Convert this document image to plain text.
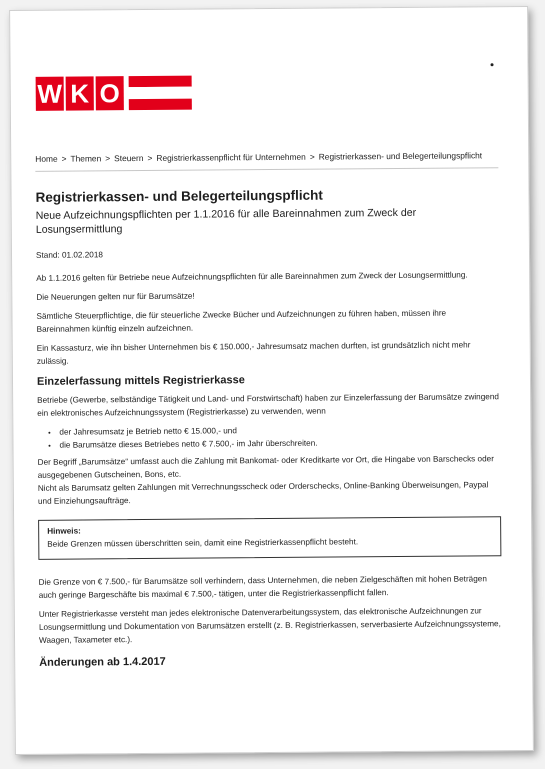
W K O
Home > Themen > Steuern > Registrierkassenpflicht für Unternehmen > Registrierkassen- und Belegerteilungspflicht
Registrierkassen- und Belegerteilungspflicht
Neue Aufzeichnungspflichten per 1.1.2016 für alle Bareinnahmen zum Zweck der Losungsermittlung
Stand: 01.02.2018

Ab 1.1.2016 gelten für Betriebe neue Aufzeichnungspflichten für alle Bareinnahmen zum Zweck der Losungsermittlung.

Die Neuerungen gelten nur für Barumsätze!

Sämtliche Steuerpflichtige, die für steuerliche Zwecke Bücher und Aufzeichnungen zu führen haben, müssen ihre Bareinnahmen künftig einzeln aufzeichnen.

Ein Kassasturz, wie ihn bisher Unternehmen bis € 150.000,- Jahresumsatz machen durften, ist grundsätzlich nicht mehr zulässig.

Einzelerfassung mittels Registrierkasse

Betriebe (Gewerbe, selbständige Tätigkeit und Land- und Forstwirtschaft) haben zur Einzelerfassung der Barumsätze zwingend ein elektronisches Aufzeichnungssystem (Registrierkasse) zu verwenden, wenn

• der Jahresumsatz je Betrieb netto € 15.000,- und
• die Barumsätze dieses Betriebes netto € 7.500,- im Jahr überschreiten.

Der Begriff „Barumsätze“ umfasst auch die Zahlung mit Bankomat- oder Kreditkarte vor Ort, die Hingabe von Barschecks oder ausgegebenen Gutscheinen, Bons, etc.

Nicht als Barumsatz gelten Zahlungen mit Verrechnungsscheck oder Orderschecks, Online-Banking Überweisungen, Paypal und Einziehungsaufträge.

Hinweis:
Beide Grenzen müssen überschritten sein, damit eine Registrierkassenpflicht besteht.

Die Grenze von € 7.500,- für Barumsätze soll verhindern, dass Unternehmen, die neben Zielgeschäften mit hohen Beträgen auch geringe Bargeschäfte bis maximal € 7.500,- tätigen, unter die Registrierkassenpflicht fallen.

Unter Registrierkasse versteht man jedes elektronische Datenverarbeitungssystem, das elektronische Aufzeichnungen zur Losungsermittlung und Dokumentation von Barumsätzen erstellt (z. B. Registrierkassen, serverbasierte Aufzeichnungssysteme, Waagen, Taxameter etc.).

Änderungen ab 1.4.2017
